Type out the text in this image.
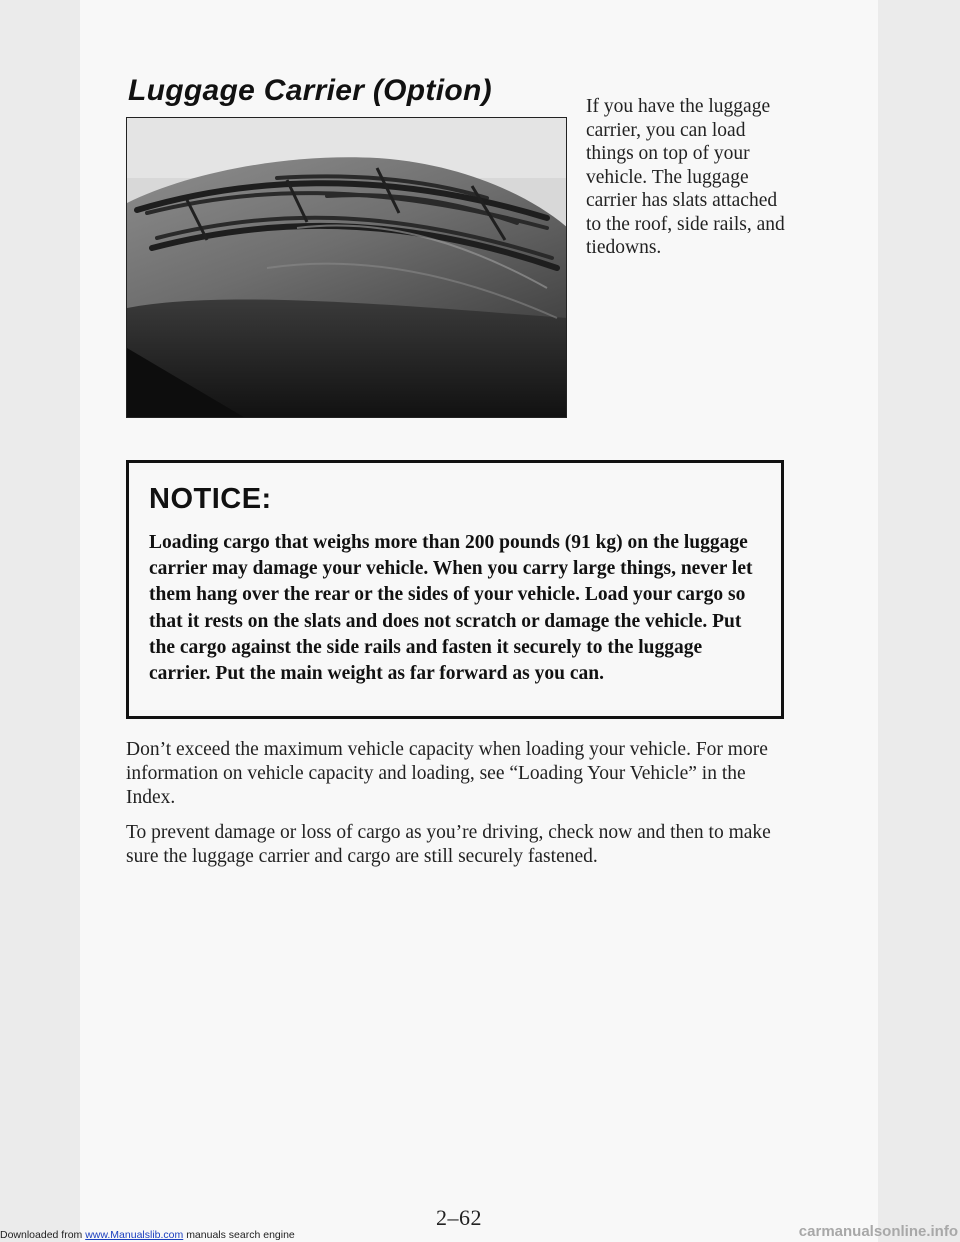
Luggage Carrier (Option)	If you have the luggage carrier, you can load things on top of your vehicle. The luggage carrier has slats attached to the roof, side rails, and tiedowns.

NOTICE:

Loading cargo that weighs more than 200 pounds (91 kg) on the luggage carrier may damage your vehicle. When you carry large things, never let them hang over the rear or the sides of your vehicle. Load your cargo so that it rests on the slats and does not scratch or damage the vehicle. Put the cargo against the side rails and fasten it securely to the luggage carrier. Put the main weight as far forward as you can.

Don’t exceed the maximum vehicle capacity when loading your vehicle. For more information on vehicle capacity and loading, see “Loading Your Vehicle” in the Index.

To prevent damage or loss of cargo as you’re driving, check now and then to make sure the luggage carrier and cargo are still securely fastened.

2–62

Downloaded from www.Manualslib.com manuals search engine	carmanualsonline.info
